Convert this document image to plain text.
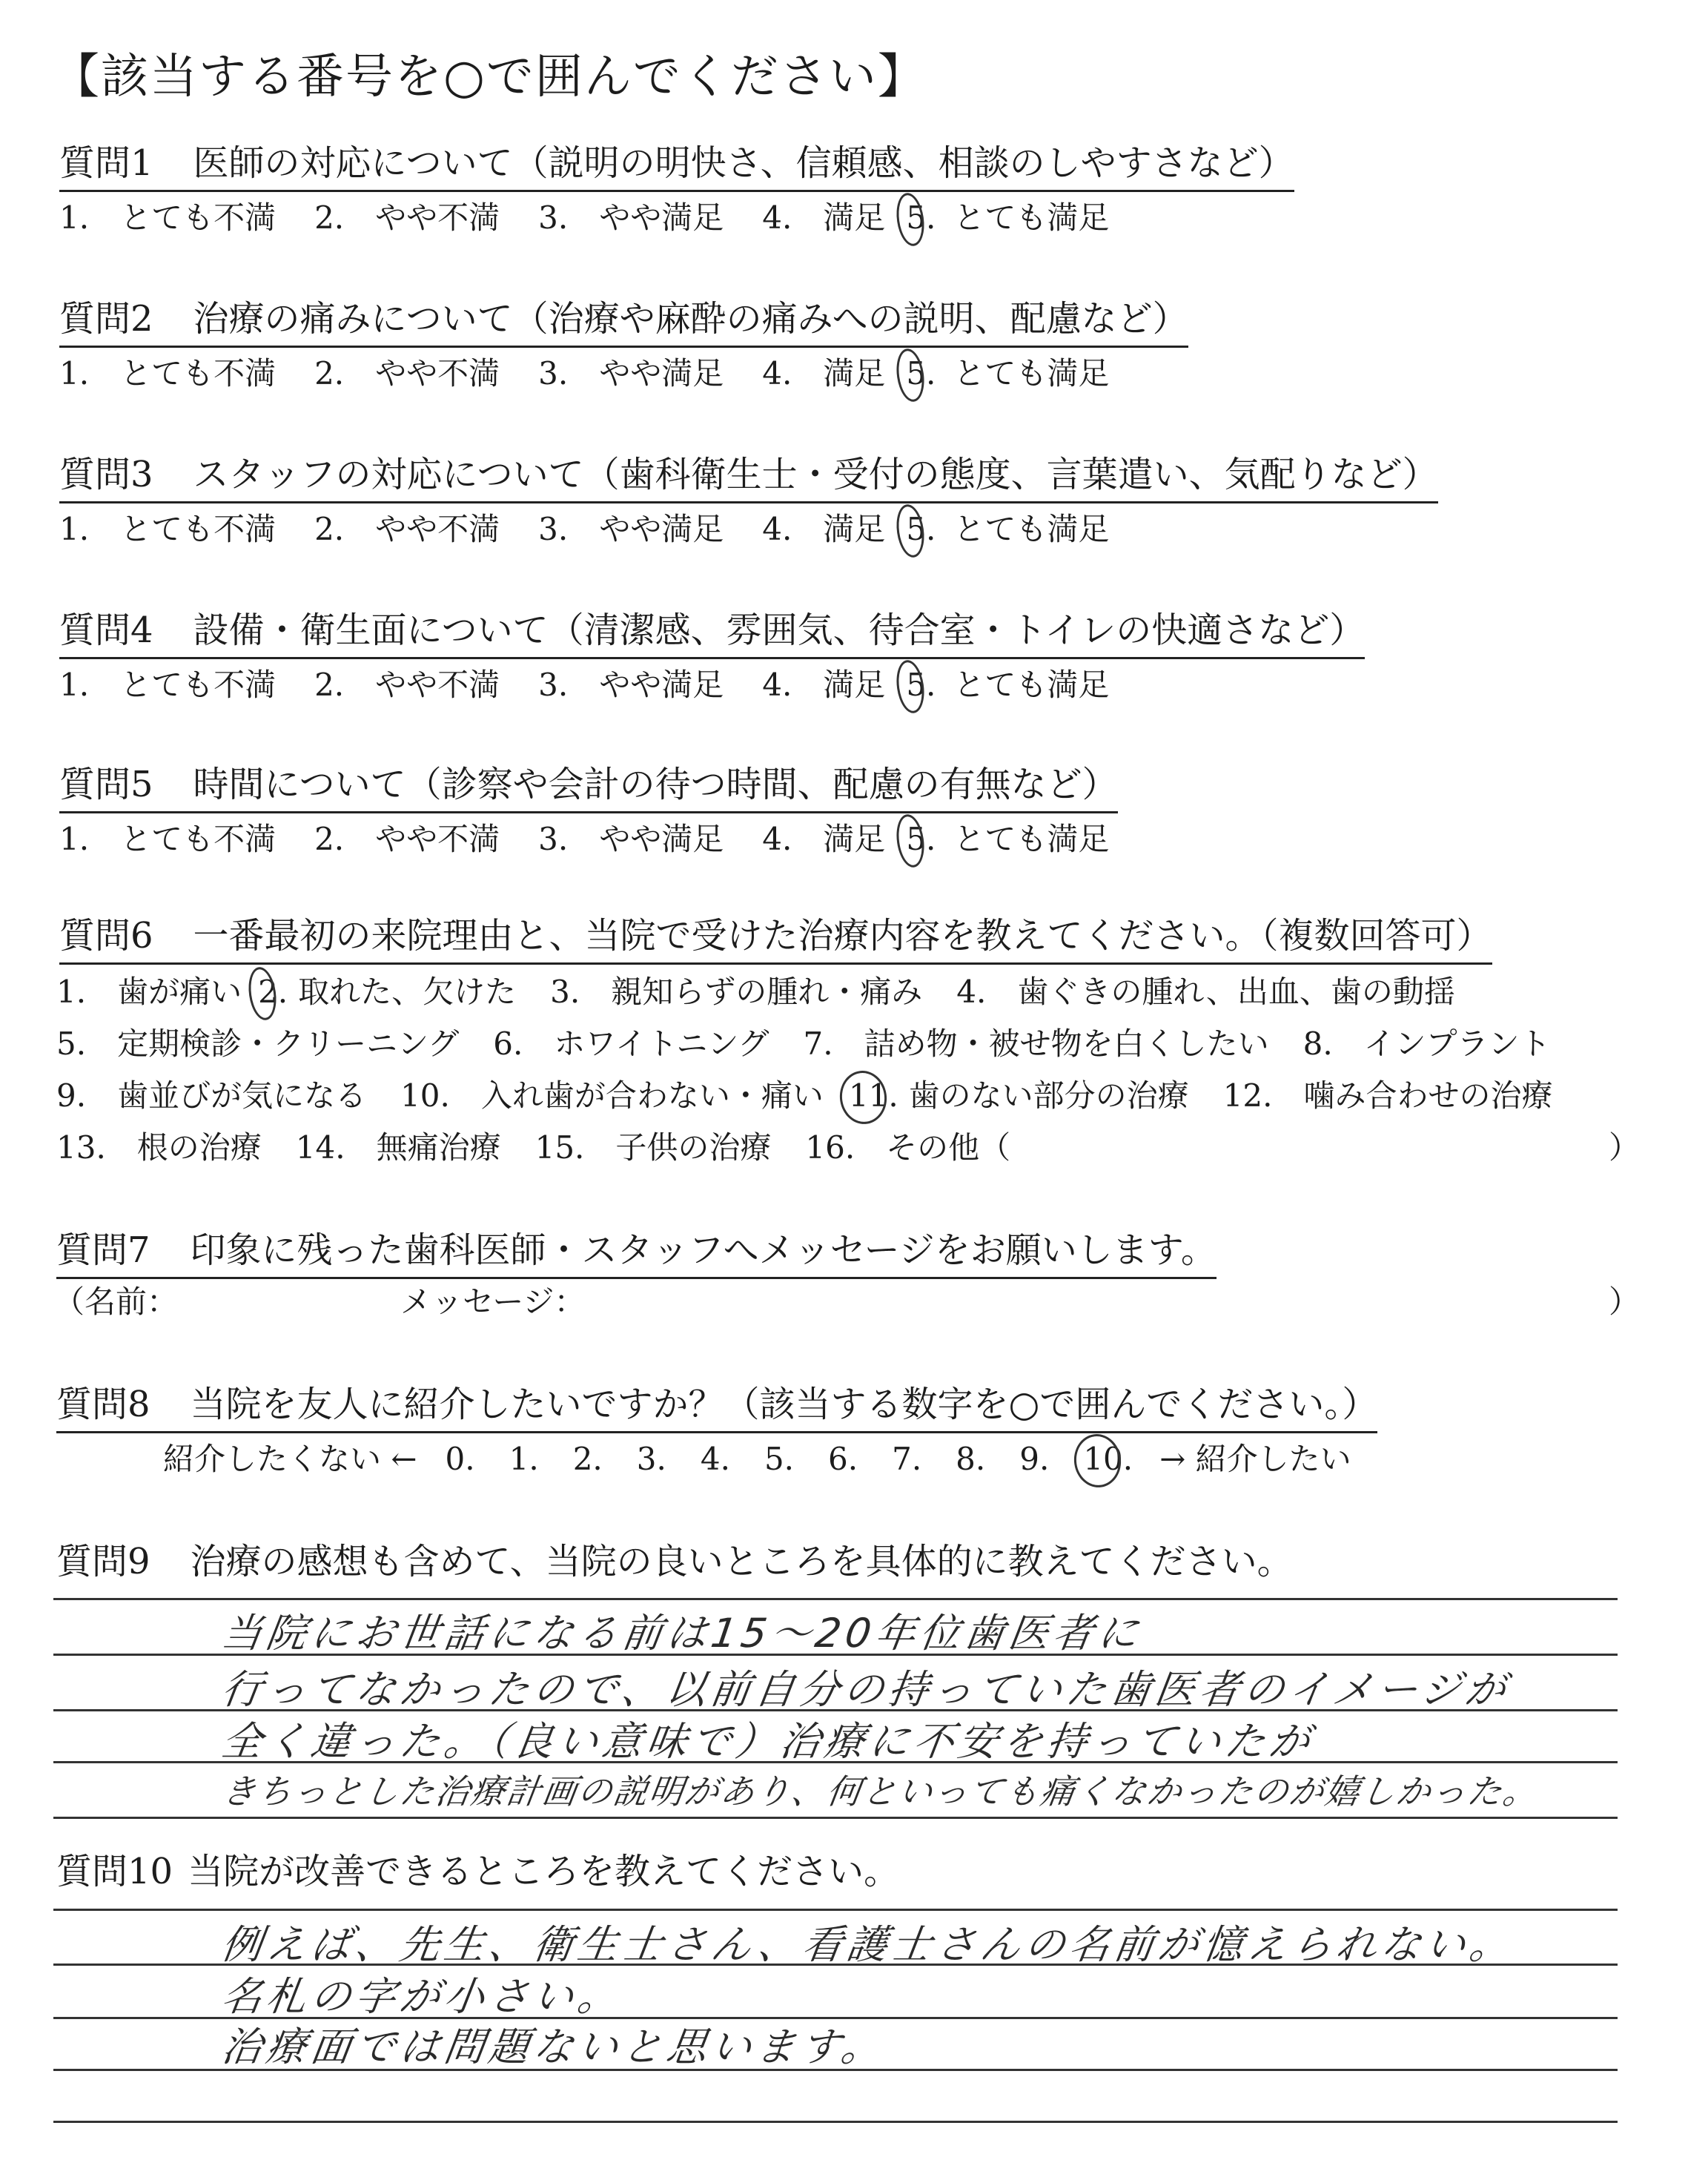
【該当する番号を○で囲んでください】
質問1 医師の対応について（説明の明快さ、信頼感、相談のしやすさなど）
1.　とても不満 2.　やや不満 3.　やや満足 4.　満足 5. とても満足
質問2 治療の痛みについて（治療や麻酔の痛みへの説明、配慮など）
1.　とても不満 2.　やや不満 3.　やや満足 4.　満足 5. とても満足
質問3 スタッフの対応について（歯科衛生士・受付の態度、言葉遣い、気配りなど）
1.　とても不満 2.　やや不満 3.　やや満足 4.　満足 5. とても満足
質問4 設備・衛生面について（清潔感、雰囲気、待合室・トイレの快適さなど）
1.　とても不満 2.　やや不満 3.　やや満足 4.　満足 5. とても満足
質問5 時間について（診察や会計の待つ時間、配慮の有無など）
1.　とても不満 2.　やや不満 3.　やや満足 4.　満足 5. とても満足
質問6 一番最初の来院理由と、当院で受けた治療内容を教えてください。（複数回答可）
1.　歯が痛い 2. 取れた、欠けた 3.　親知らずの腫れ・痛み 4.　歯ぐきの腫れ、出血、歯の動揺
5.　定期検診・クリーニング 6.　ホワイトニング 7.　詰め物・被せ物を白くしたい 8.　インプラント
9.　歯並びが気になる 10.　入れ歯が合わない・痛い 11. 歯のない部分の治療 12.　噛み合わせの治療
13.　根の治療 14.　無痛治療 15.　子供の治療 16.　その他（	）
質問7 印象に残った歯科医師・スタッフへメッセージをお願いします。
（名前：	メッセージ：	）
質問8 当院を友人に紹介したいですか？（該当する数字を○で囲んでください。）
紹介したくない ← 0. 1. 2. 3. 4. 5. 6. 7. 8. 9. 10. → 紹介したい
質問9 治療の感想も含めて、当院の良いところを具体的に教えてください。
当院にお世話になる前は15〜20年位歯医者に
行ってなかったので、以前自分の持っていた歯医者のイメージが
全く違った。（良い意味で）治療に不安を持っていたが
きちっとした治療計画の説明があり、何といっても痛くなかったのが嬉しかった。
質問10 当院が改善できるところを教えてください。
例えば、先生、衛生士さん、看護士さんの名前が憶えられない。
名札の字が小さい。
治療面では問題ないと思います。
